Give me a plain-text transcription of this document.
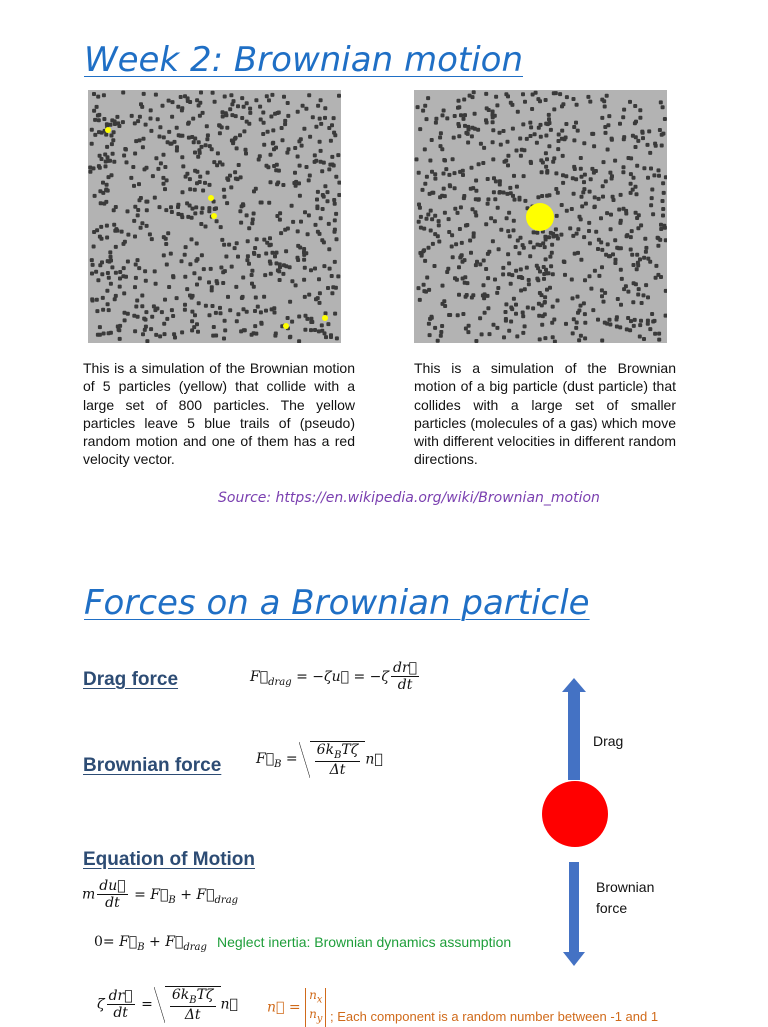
Week 2: Brownian motion
This is a simulation of the Brownian motion of 5 particles (yellow) that collide with a large set of 800 particles. The yellow particles leave 5 blue trails of (pseudo) random motion and one of them has a red velocity vector.
This is a simulation of the Brownian motion of a big particle (dust particle) that collides with a large set of smaller particles (molecules of a gas) which move with different velocities in different random directions.
Source: https://en.wikipedia.org/wiki/Brownian_motion
Forces on a Brownian particle
Drag force	$F⃗_{drag}$ = −ζu⃗ = $-\zeta \frac{dr⃗}{dt}$
Brownian force $F⃗_B = \frac{6k_BT\zeta}{\Delta t}$ n⃗
Equation of Motion
m $\frac{du⃗}{dt}$ = $F⃗_B$ + $F⃗_{drag}$
$0= F⃗_B$ + $F⃗_{drag}$ Neglect inertia: Brownian dynamics assumption
ζ $\frac{dr⃗}{dt} = \frac{6k_BT\zeta}{\Delta t}$ n⃗ n⃗ = $n_x$
$n_y$ ; Each component is a random number between -1 and 1
Drag
Brownian
force
